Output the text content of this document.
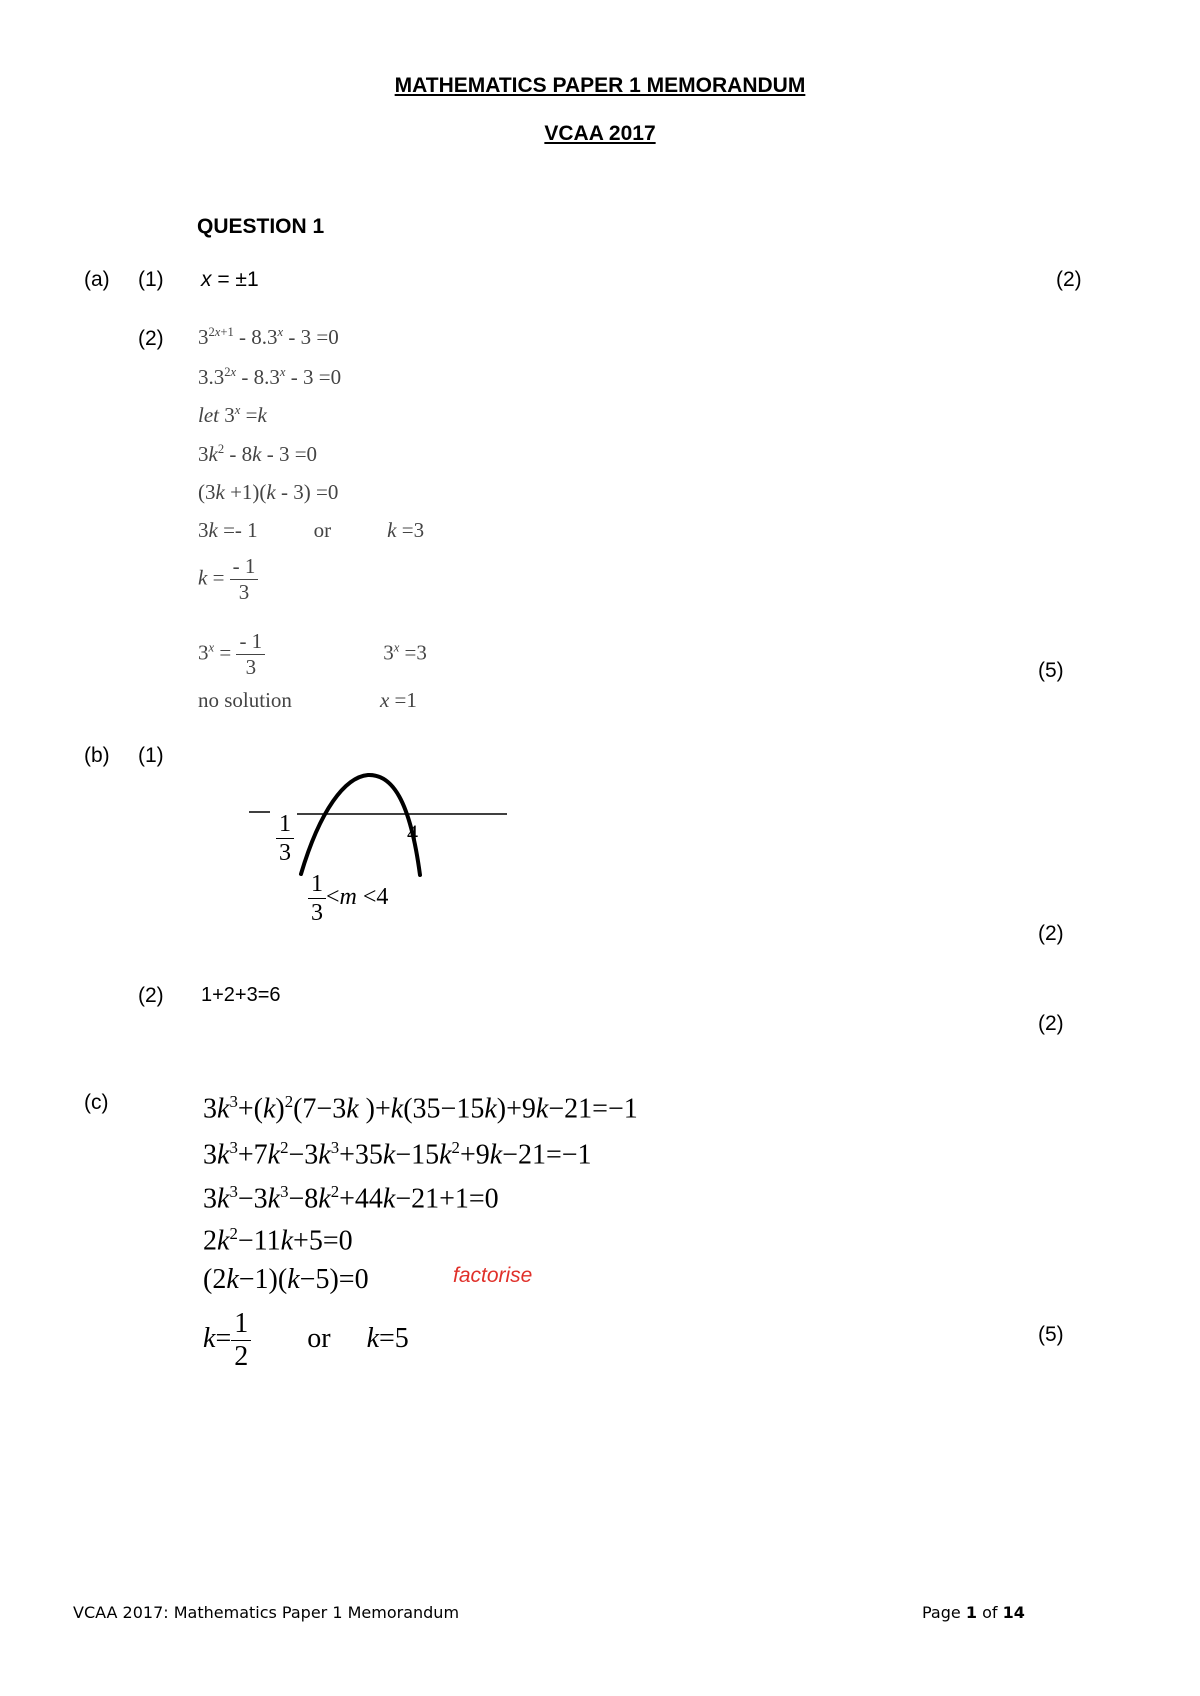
MATHEMATICS PAPER 1 MEMORANDUM
VCAA 2017
QUESTION 1
(a) (1) x = ±1	(2)
(2) $3^{2x+1} - 8.3^x - 3 =0$
$3.3^{2x} - 8.3^x - 3 =0$
let $3^x =k$
$3k^2 - 8k - 3 =0$
(3k +1)(k - 3) =0
3k =- 1	or	k =3
$k = \frac{- 1}{3}$
$3^x = \frac{- 1}{3}$	$3^x =3$
no solution	x =1
(5)
(b) (1)
$\frac{1}{3}$	4
$\frac{1}{3} <m <4$
(2)
(2) 1+2+3=6
(2)
(c)	$3k^3+(k)^2(7-3k$ )+k(35−15k)+9k−21=−1
$3k^3+7k^2-3k^3+35k-15k^2+9k-21=-1$
$3k^3-3k^3-8k^2+44k-21+1=0$
$2k^2-11k+5=0$
(2k−1)(k−5)=0	factorise
$k= \frac{1}{2}$ or k=5	(5)
VCAA 2017: Mathematics Paper 1 Memorandum	Page 1 of 14
